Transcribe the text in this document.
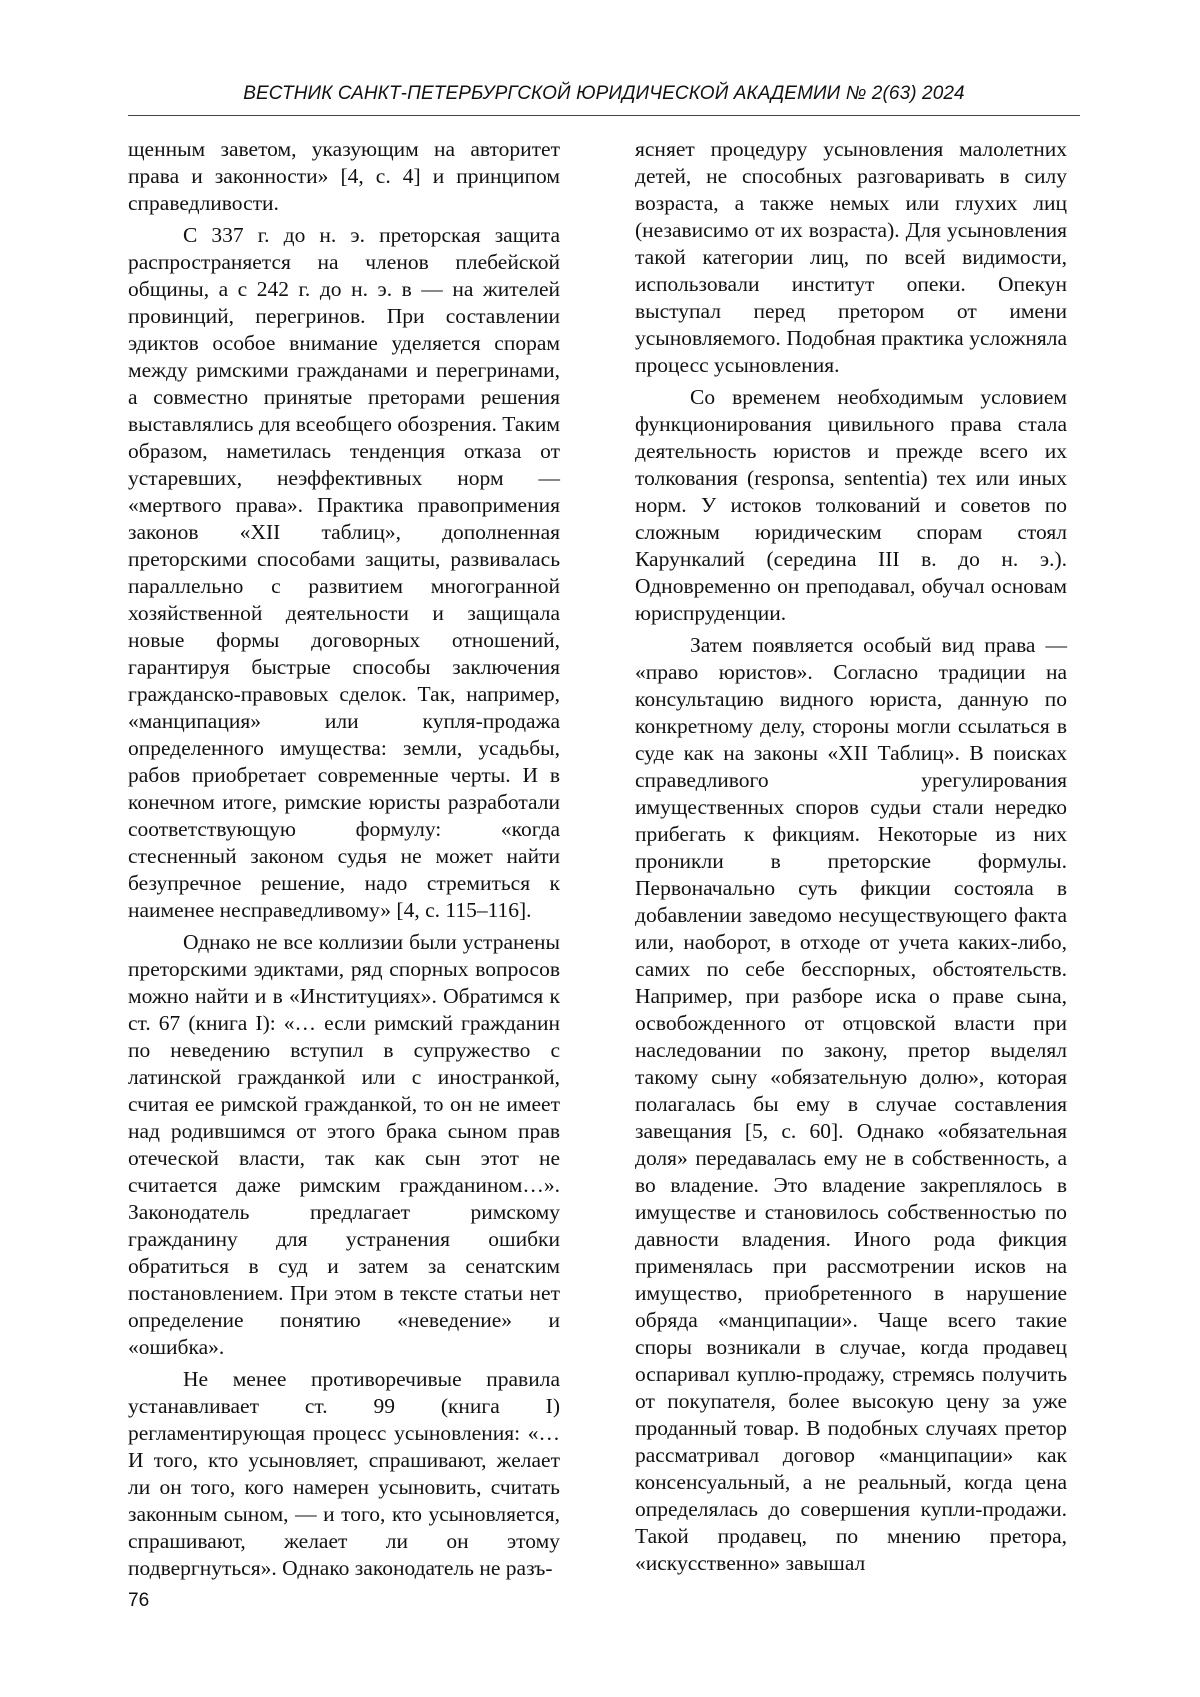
ВЕСТНИК САНКТ-ПЕТЕРБУРГСКОЙ ЮРИДИЧЕСКОЙ АКАДЕМИИ № 2(63) 2024

щенным заветом, указующим на авторитет права и законности» [4, с. 4] и принципом справедливости.

С 337 г. до н. э. преторская защита распространяется на членов плебейской общины, а с 242 г. до н. э. в — на жителей провинций, перегринов. При составлении эдиктов особое внимание уделяется спорам между римскими гражданами и перегринами, а совместно принятые преторами решения выставлялись для всеобщего обозрения. Таким образом, наметилась тенденция отказа от устаревших, неэффективных норм — «мертвого права». Практика правопримения законов «XII таблиц», дополненная преторскими способами защиты, развивалась параллельно с развитием многогранной хозяйственной деятельности и защищала новые формы договорных отношений, гарантируя быстрые способы заключения гражданско-правовых сделок. Так, например, «манципация» или купля-продажа определенного имущества: земли, усадьбы, рабов приобретает современные черты. И в конечном итоге, римские юристы разработали соответствующую формулу: «когда стесненный законом судья не может найти безупречное решение, надо стремиться к наименее несправедливому» [4, с. 115–116].

Однако не все коллизии были устранены преторскими эдиктами, ряд спорных вопросов можно найти и в «Институциях». Обратимся к ст. 67 (книга I): «… если римский гражданин по неведению вступил в супружество с латинской гражданкой или с иностранкой, считая ее римской гражданкой, то он не имеет над родившимся от этого брака сыном прав отеческой власти, так как сын этот не считается даже римским гражданином…». Законодатель предлагает римскому гражданину для устранения ошибки обратиться в суд и затем за сенатским постановлением. При этом в тексте статьи нет определение понятию «неведение» и «ошибка».

Не менее противоречивые правила устанавливает ст. 99 (книга I) регламентирующая процесс усыновления: «…И того, кто усыновляет, спрашивают, желает ли он того, кого намерен усыновить, считать законным сыном, — и того, кто усыновляется, спрашивают, желает ли он этому подвергнуться». Однако законодатель не разъ-

ясняет процедуру усыновления малолетних детей, не способных разговаривать в силу возраста, а также немых или глухих лиц (независимо от их возраста). Для усыновления такой категории лиц, по всей видимости, использовали институт опеки. Опекун выступал перед претором от имени усыновляемого. Подобная практика усложняла процесс усыновления.

Со временем необходимым условием функционирования цивильного права стала деятельность юристов и прежде всего их толкования (responsa, sententia) тех или иных норм. У истоков толкований и советов по сложным юридическим спорам стоял Карункалий (середина III в. до н. э.). Одновременно он преподавал, обучал основам юриспруденции.

Затем появляется особый вид права — «право юристов». Согласно традиции на консультацию видного юриста, данную по конкретному делу, стороны могли ссылаться в суде как на законы «XII Таблиц». В поисках справедливого урегулирования имущественных споров судьи стали нередко прибегать к фикциям. Некоторые из них проникли в преторские формулы. Первоначально суть фикции состояла в добавлении заведомо несуществующего факта или, наоборот, в отходе от учета каких-либо, самих по себе бесспорных, обстоятельств. Например, при разборе иска о праве сына, освобожденного от отцовской власти при наследовании по закону, претор выделял такому сыну «обязательную долю», которая полагалась бы ему в случае составления завещания [5, с. 60]. Однако «обязательная доля» передавалась ему не в собственность, а во владение. Это владение закреплялось в имуществе и становилось собственностью по давности владения. Иного рода фикция применялась при рассмотрении исков на имущество, приобретенного в нарушение обряда «манципации». Чаще всего такие споры возникали в случае, когда продавец оспаривал куплю-продажу, стремясь получить от покупателя, более высокую цену за уже проданный товар. В подобных случаях претор рассматривал договор «манципации» как консенсуальный, а не реальный, когда цена определялась до совершения купли-продажи. Такой продавец, по мнению претора, «искусственно» завышал

76
